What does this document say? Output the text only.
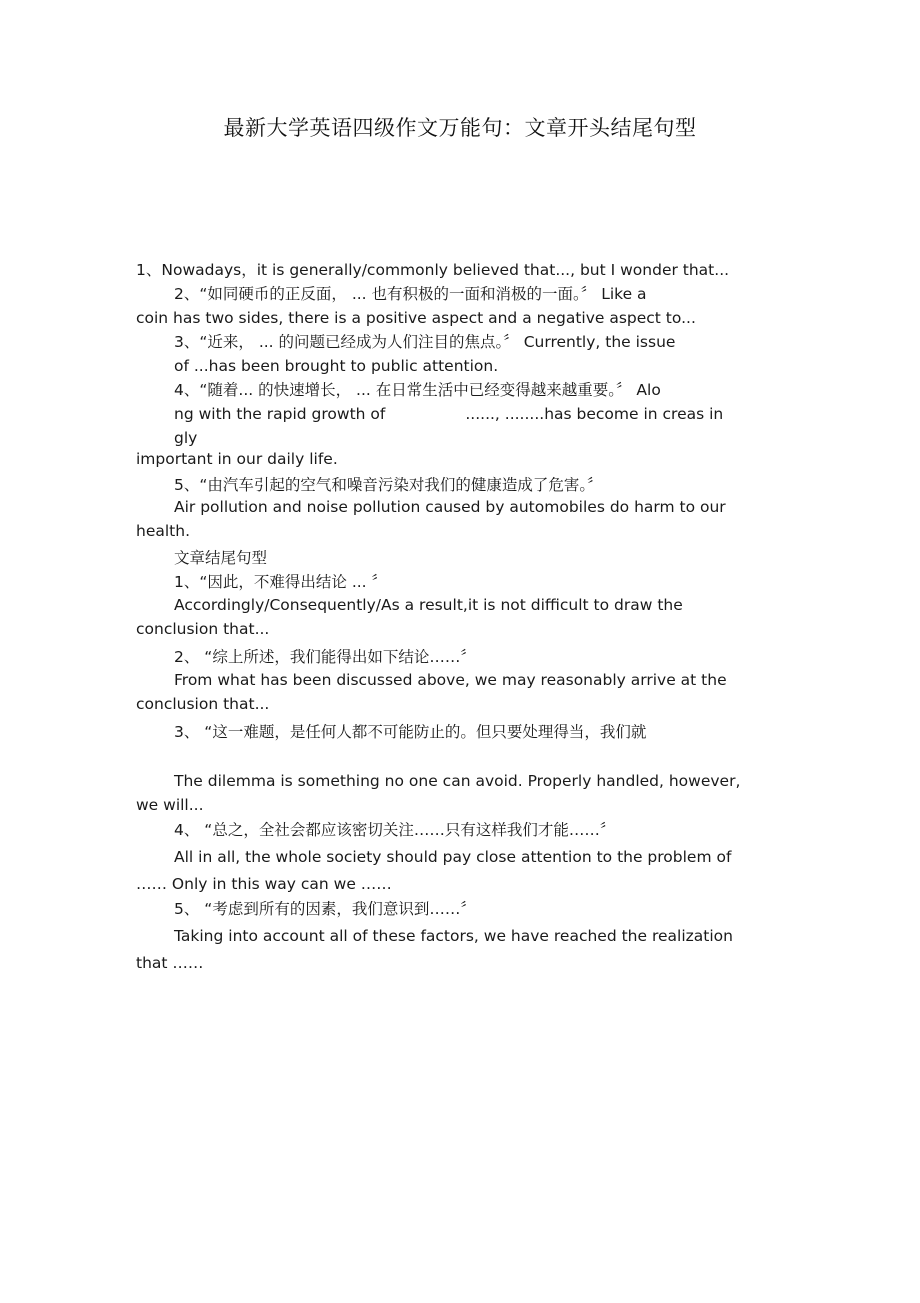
最新大学英语四级作文万能句：文章开头结尾句型
1、Nowadays，it is generally/commonly believed that..., but I wonder that...
2、“如同硬币的正反面， ... 也有积极的一面和消极的一面。〞 Like a
coin has two sides, there is a positive aspect and a negative aspect to...
3、“近来， ... 的问题已经成为人们注目的焦点。〞 Currently, the issue
of ...has been brought to public attention.
4、“随着... 的快速增长， ... 在日常生活中已经变得越来越重要。〞 Alo
ng with the rapid growth of	......, ........has become in creas in
gly
important in our daily life.
5、“由汽车引起的空气和噪音污染对我们的健康造成了危害。〞
Air pollution and noise pollution caused by automobiles do harm to our
health.
文章结尾句型
1、“因此，不难得出结论 ... 〞
Accordingly/Consequently/As a result,it is not difficult to draw the
conclusion that...
2、 “综上所述，我们能得出如下结论……〞
From what has been discussed above, we may reasonably arrive at the
conclusion that...
3、 “这一难题，是任何人都不可能防止的。但只要处理得当，我们就
The dilemma is something no one can avoid. Properly handled, however,
we will...
4、 “总之，全社会都应该密切关注……只有这样我们才能……〞
All in all, the whole society should pay close attention to the problem of
…… Only in this way can we ……
5、 “考虑到所有的因素，我们意识到……〞
Taking into account all of these factors, we have reached the realization
that ……
